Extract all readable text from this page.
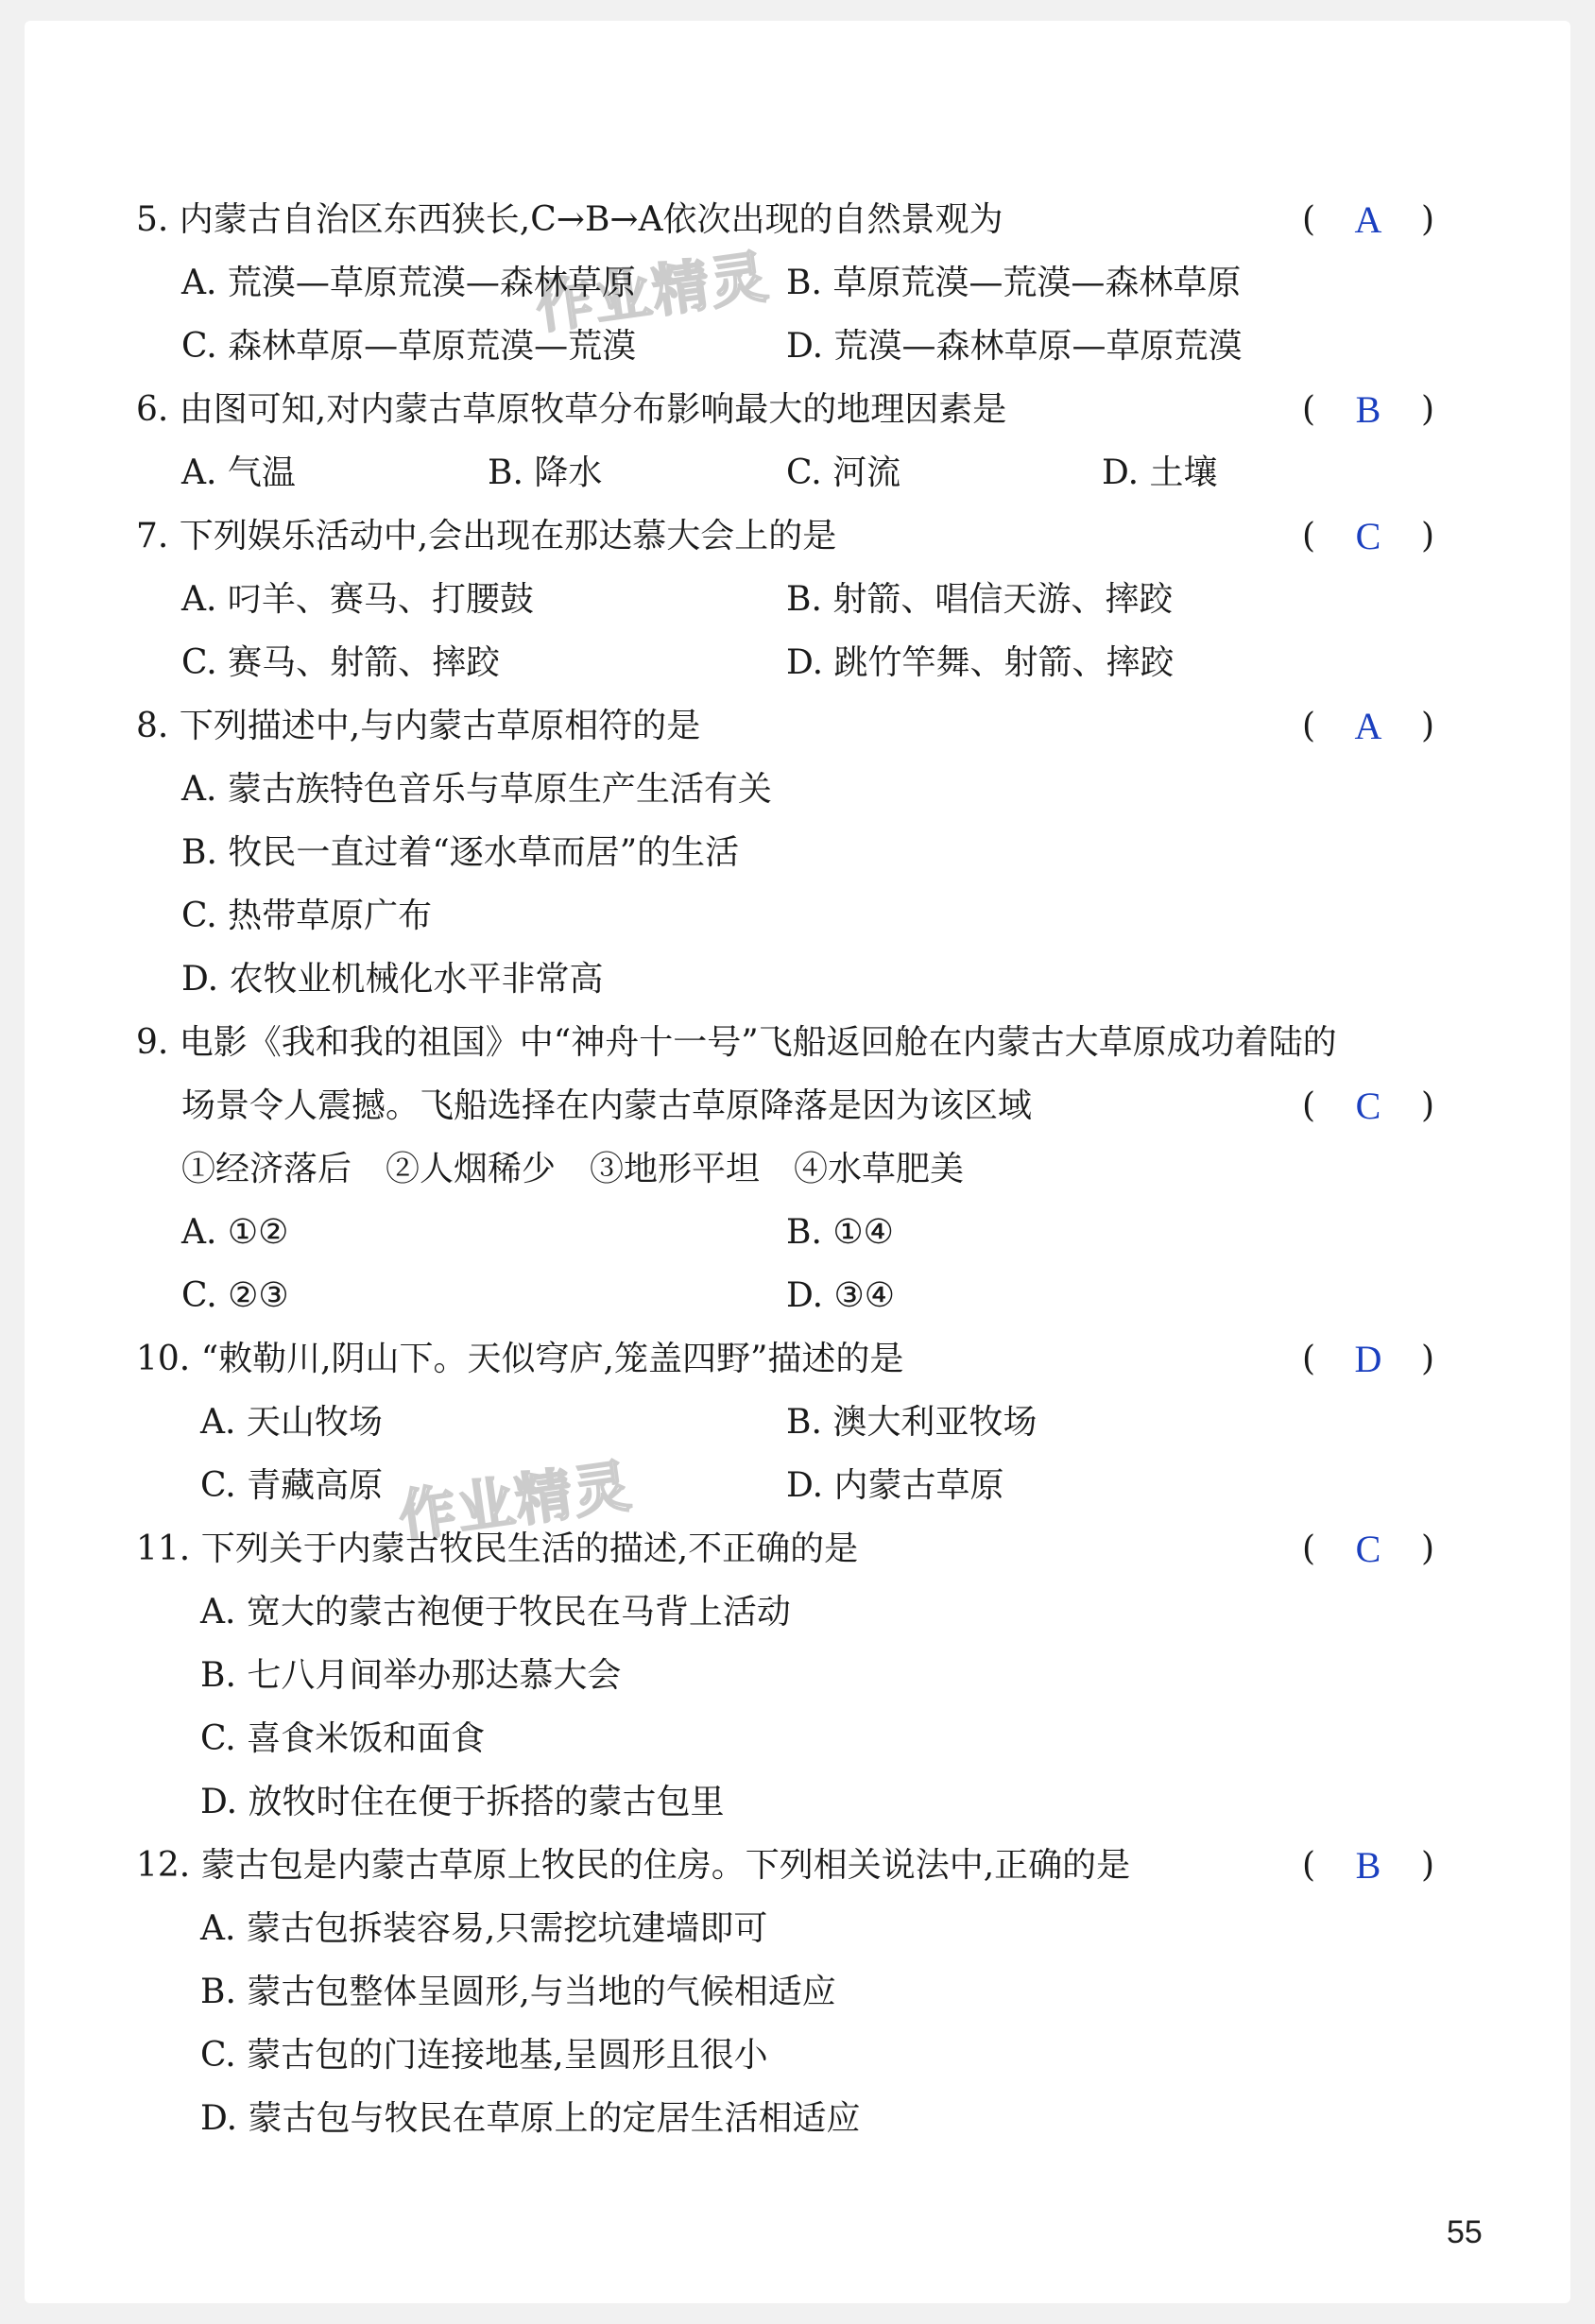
作业精灵
作业精灵
5. 内蒙古自治区东西狭长,C→B→A依次出现的自然景观为	( A )
A. 荒漠—草原荒漠—森林草原	B. 草原荒漠—荒漠—森林草原
C. 森林草原—草原荒漠—荒漠	D. 荒漠—森林草原—草原荒漠
6. 由图可知,对内蒙古草原牧草分布影响最大的地理因素是	( B )
A. 气温	B. 降水	C. 河流	D. 土壤
7. 下列娱乐活动中,会出现在那达慕大会上的是	( C )
A. 叼羊、赛马、打腰鼓	B. 射箭、唱信天游、摔跤
C. 赛马、射箭、摔跤	D. 跳竹竿舞、射箭、摔跤
8. 下列描述中,与内蒙古草原相符的是	( A )
A. 蒙古族特色音乐与草原生产生活有关
B. 牧民一直过着“逐水草而居”的生活
C. 热带草原广布
D. 农牧业机械化水平非常高
9. 电影《我和我的祖国》中“神舟十一号”飞船返回舱在内蒙古大草原成功着陆的
场景令人震撼。飞船选择在内蒙古草原降落是因为该区域	( C )
①经济落后　②人烟稀少　③地形平坦　④水草肥美
A. ①②	B. ①④
C. ②③	D. ③④
10. “敕勒川,阴山下。天似穹庐,笼盖四野”描述的是	( D )
A. 天山牧场	B. 澳大利亚牧场
C. 青藏高原	D. 内蒙古草原
11. 下列关于内蒙古牧民生活的描述,不正确的是	( C )
A. 宽大的蒙古袍便于牧民在马背上活动
B. 七八月间举办那达慕大会
C. 喜食米饭和面食
D. 放牧时住在便于拆搭的蒙古包里
12. 蒙古包是内蒙古草原上牧民的住房。下列相关说法中,正确的是	( B )
A. 蒙古包拆装容易,只需挖坑建墙即可
B. 蒙古包整体呈圆形,与当地的气候相适应
C. 蒙古包的门连接地基,呈圆形且很小
D. 蒙古包与牧民在草原上的定居生活相适应
55
